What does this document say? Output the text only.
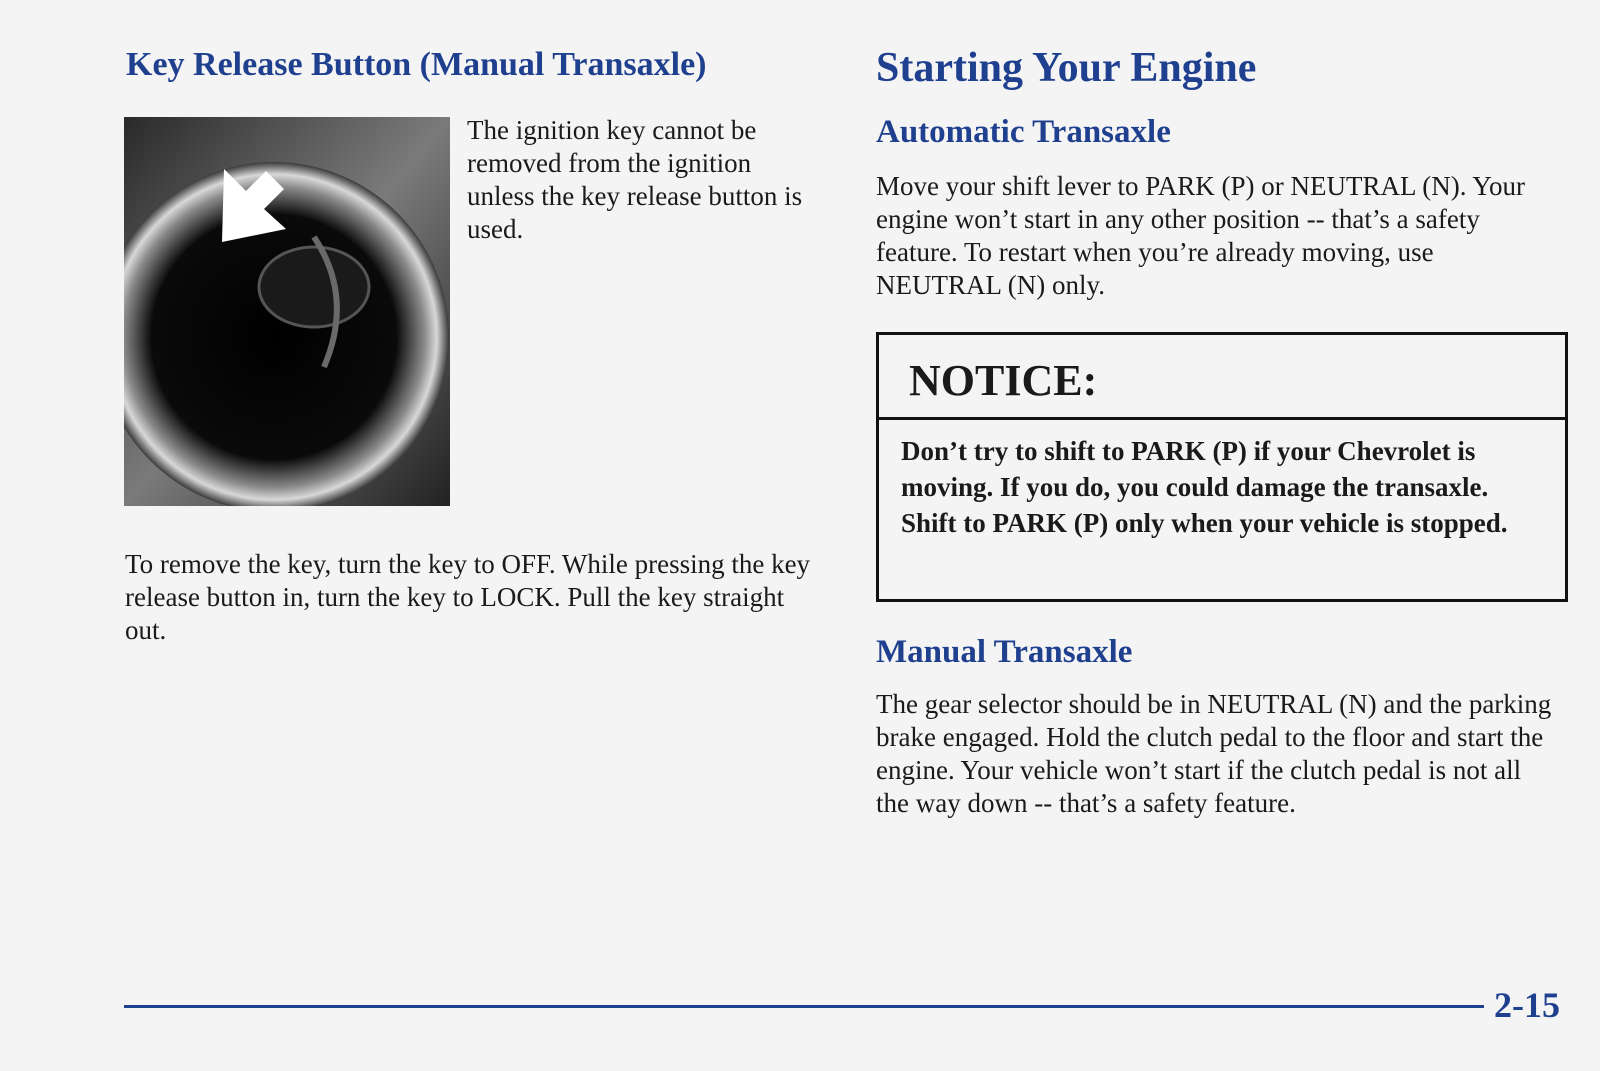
Key Release Button (Manual Transaxle)

The ignition key cannot be removed from the ignition unless the key release button is used.

To remove the key, turn the key to OFF. While pressing the key release button in, turn the key to LOCK. Pull the key straight out.

Starting Your Engine
Automatic Transaxle

Move your shift lever to PARK (P) or NEUTRAL (N). Your engine won’t start in any other position -- that’s a safety feature. To restart when you’re already moving, use NEUTRAL (N) only.

NOTICE:

Don’t try to shift to PARK (P) if your Chevrolet is moving. If you do, you could damage the transaxle. Shift to PARK (P) only when your vehicle is stopped.

Manual Transaxle

The gear selector should be in NEUTRAL (N) and the parking brake engaged. Hold the clutch pedal to the floor and start the engine. Your vehicle won’t start if the clutch pedal is not all the way down -- that’s a safety feature.

2-15
